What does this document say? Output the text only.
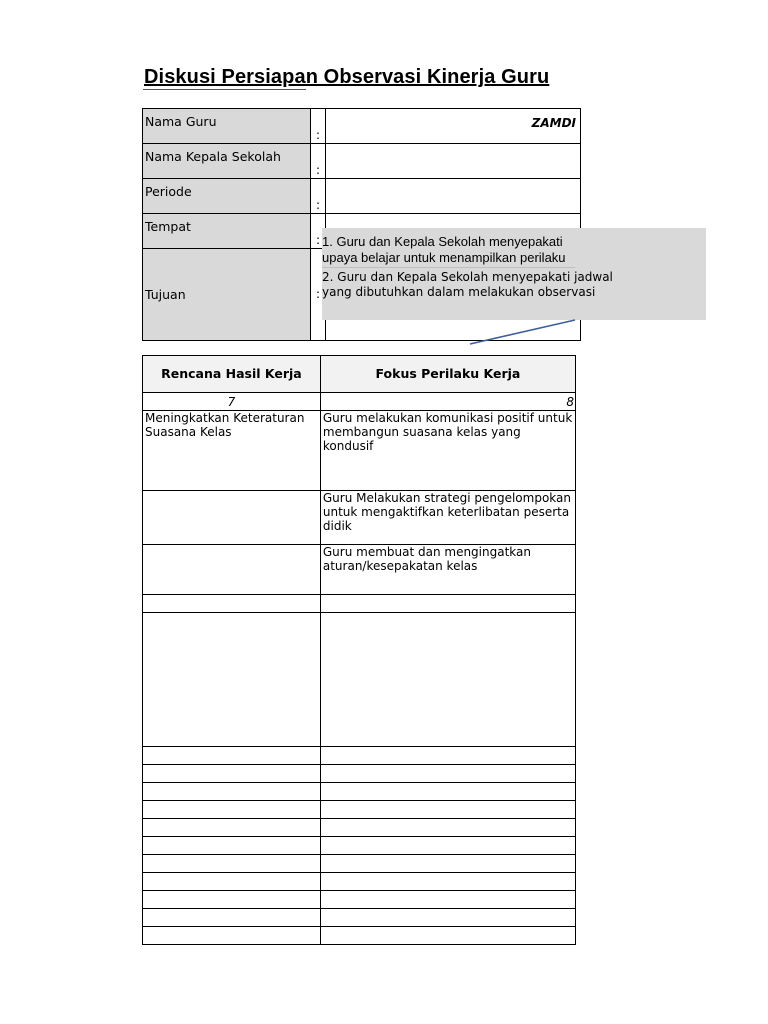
Diskusi Persiapan Observasi Kinerja Guru
Nama Guru	:	ZAMDI

Nama Kepala Sekolah	:	
Periode	:	
Tempat	:	
Tujuan	:	
1. Guru dan Kepala Sekolah menyepakati
upaya belajar untuk menampilkan perilaku
2. Guru dan Kepala Sekolah menyepakati jadwal
yang dibutuhkan dalam melakukan observasi
Rencana Hasil Kerja	Fokus Perilaku Kerja
7	8
Meningkatkan Keteraturan Suasana Kelas	Guru melakukan komunikasi positif untuk membangun suasana kelas yang kondusif
	Guru Melakukan strategi pengelompokan untuk mengaktifkan keterlibatan peserta didik
	Guru membuat dan mengingatkan aturan/kesepakatan kelas
